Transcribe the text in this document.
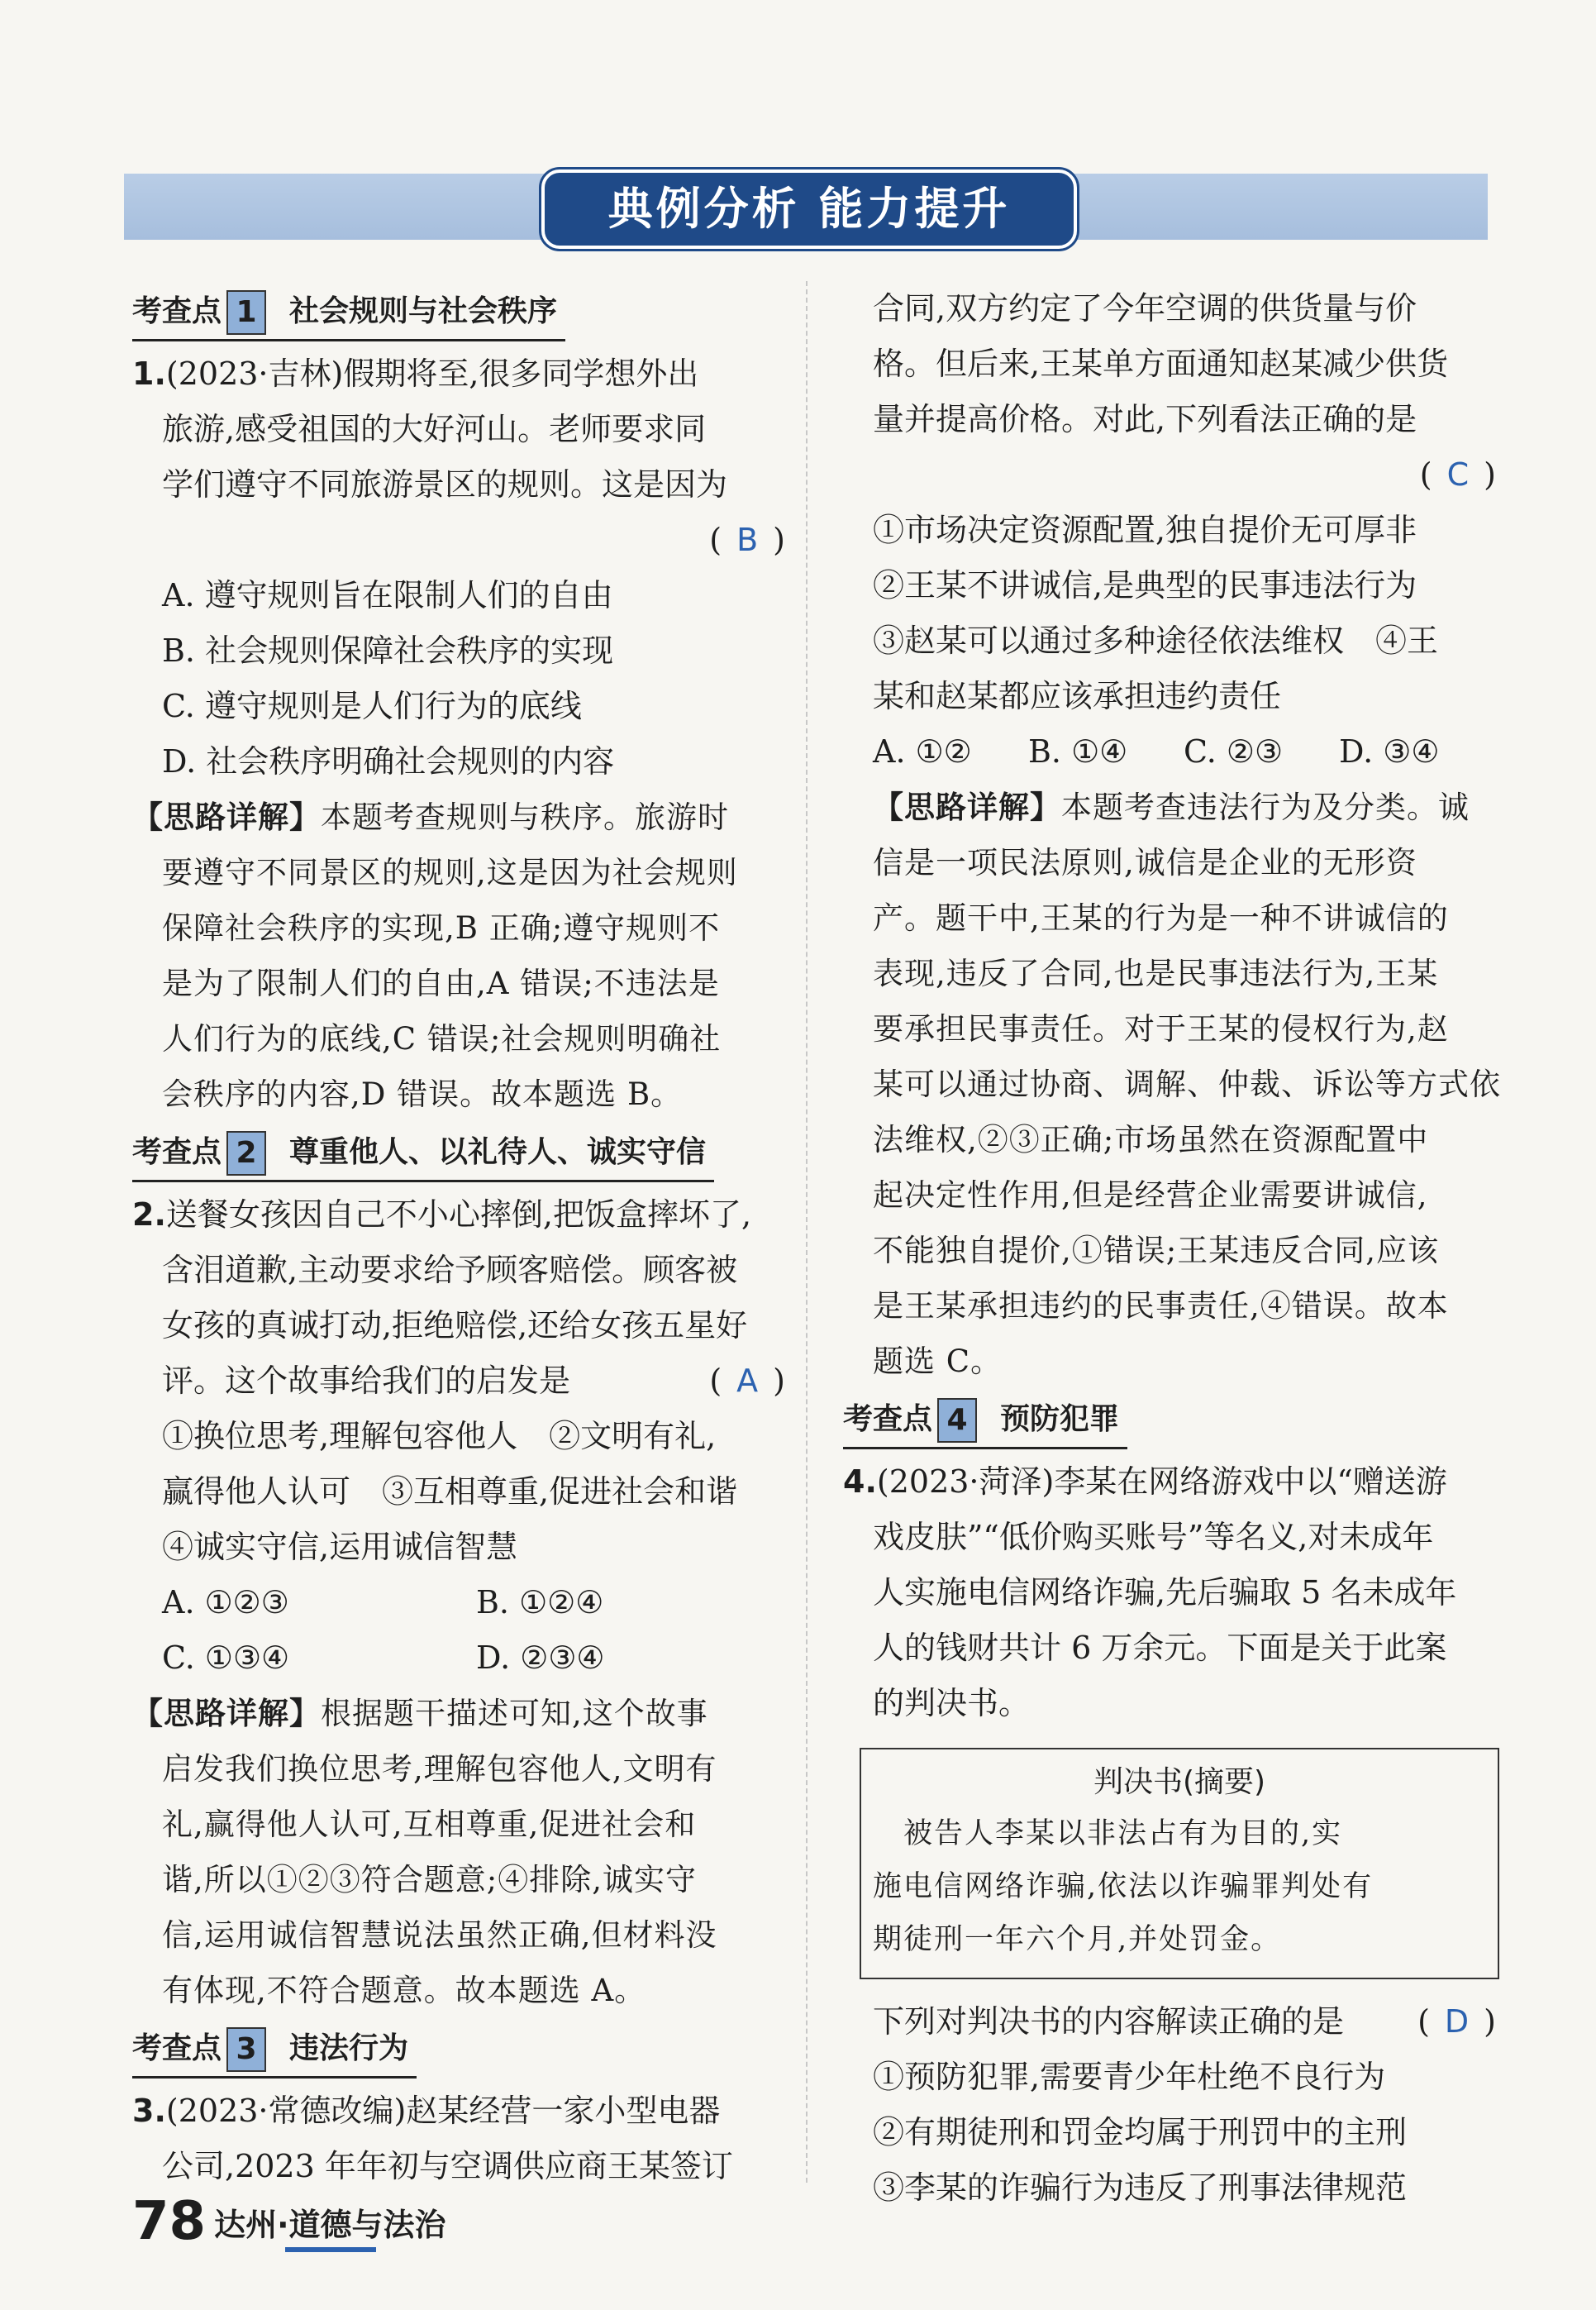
典例分析 能力提升
考查点 1 社会规则与社会秩序
1.(2023·吉林)假期将至,很多同学想外出
旅游,感受祖国的大好河山。老师要求同
学们遵守不同旅游景区的规则。这是因为
( B )
A. 遵守规则旨在限制人们的自由
B. 社会规则保障社会秩序的实现
C. 遵守规则是人们行为的底线
D. 社会秩序明确社会规则的内容
【思路详解】本题考查规则与秩序。旅游时
要遵守不同景区的规则,这是因为社会规则
保障社会秩序的实现,B 正确;遵守规则不
是为了限制人们的自由,A 错误;不违法是
人们行为的底线,C 错误;社会规则明确社
会秩序的内容,D 错误。故本题选 B。
考查点 2 尊重他人、以礼待人、诚实守信
2.送餐女孩因自己不小心摔倒,把饭盒摔坏了,
含泪道歉,主动要求给予顾客赔偿。顾客被
女孩的真诚打动,拒绝赔偿,还给女孩五星好
评。这个故事给我们的启发是	( A )
①换位思考,理解包容他人　②文明有礼,
赢得他人认可　③互相尊重,促进社会和谐
④诚实守信,运用诚信智慧
A. ①②③	B. ①②④
C. ①③④	D. ②③④
【思路详解】根据题干描述可知,这个故事
启发我们换位思考,理解包容他人,文明有
礼,赢得他人认可,互相尊重,促进社会和
谐,所以①②③符合题意;④排除,诚实守
信,运用诚信智慧说法虽然正确,但材料没
有体现,不符合题意。故本题选 A。
考查点 3 违法行为
3.(2023·常德改编)赵某经营一家小型电器
公司,2023 年年初与空调供应商王某签订
合同,双方约定了今年空调的供货量与价
格。但后来,王某单方面通知赵某减少供货
量并提高价格。对此,下列看法正确的是
( C )
①市场决定资源配置,独自提价无可厚非
②王某不讲诚信,是典型的民事违法行为
③赵某可以通过多种途径依法维权　④王
某和赵某都应该承担违约责任
A. ①② B. ①④ C. ②③ D. ③④
【思路详解】本题考查违法行为及分类。诚
信是一项民法原则,诚信是企业的无形资
产。题干中,王某的行为是一种不讲诚信的
表现,违反了合同,也是民事违法行为,王某
要承担民事责任。对于王某的侵权行为,赵
某可以通过协商、调解、仲裁、诉讼等方式依
法维权,②③正确;市场虽然在资源配置中
起决定性作用,但是经营企业需要讲诚信,
不能独自提价,①错误;王某违反合同,应该
是王某承担违约的民事责任,④错误。故本
题选 C。
考查点 4 预防犯罪
4.(2023·菏泽)李某在网络游戏中以“赠送游
戏皮肤”“低价购买账号”等名义,对未成年
人实施电信网络诈骗,先后骗取 5 名未成年
人的钱财共计 6 万余元。下面是关于此案
的判决书。
判决书(摘要)
　被告人李某以非法占有为目的,实
施电信网络诈骗,依法以诈骗罪判处有
期徒刑一年六个月,并处罚金。
下列对判决书的内容解读正确的是 ( D )
①预防犯罪,需要青少年杜绝不良行为
②有期徒刑和罚金均属于刑罚中的主刑
③李某的诈骗行为违反了刑事法律规范
78 达州·道德与法治
